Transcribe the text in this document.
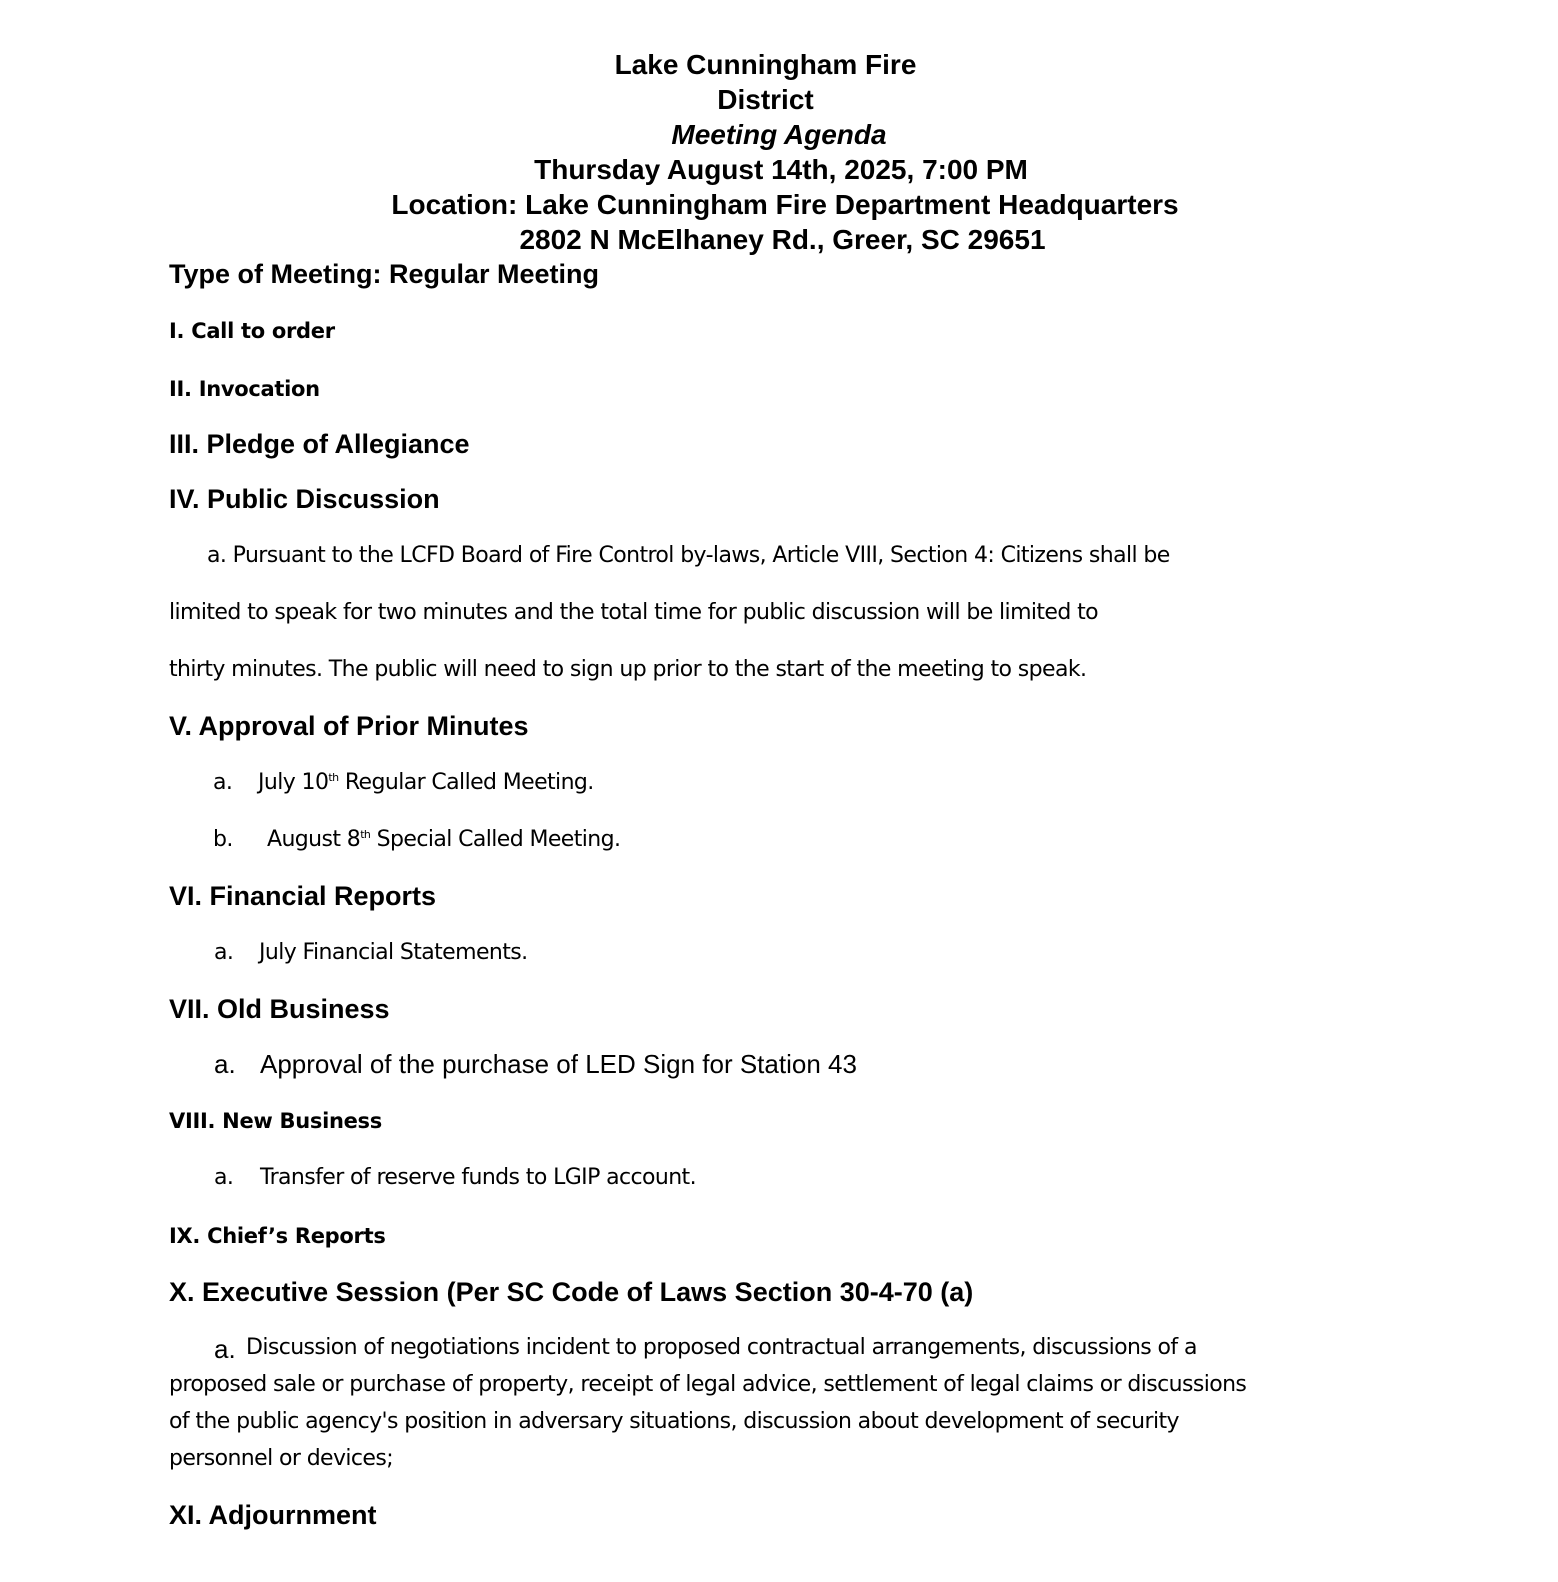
Lake Cunningham Fire
District
Meeting Agenda
Thursday August 14th, 2025, 7:00 PM
Location: Lake Cunningham Fire Department Headquarters
2802 N McElhaney Rd., Greer, SC 29651
Type of Meeting: Regular Meeting
I. Call to order
II. Invocation
III. Pledge of Allegiance
IV. Public Discussion
a. Pursuant to the LCFD Board of Fire Control by-laws, Article VIII, Section 4: Citizens shall be
limited to speak for two minutes and the total time for public discussion will be limited to
thirty minutes. The public will need to sign up prior to the start of the meeting to speak.
V. Approval of Prior Minutes
a. July 10th Regular Called Meeting.
b. August 8th Special Called Meeting.
VI. Financial Reports
a. July Financial Statements.
VII. Old Business
a. Approval of the purchase of LED Sign for Station 43
VIII. New Business
a. Transfer of reserve funds to LGIP account.
IX. Chief’s Reports
X. Executive Session (Per SC Code of Laws Section 30-4-70 (a)
a. Discussion of negotiations incident to proposed contractual arrangements, discussions of a
proposed sale or purchase of property, receipt of legal advice, settlement of legal claims or discussions
of the public agency's position in adversary situations, discussion about development of security
personnel or devices;
XI. Adjournment
